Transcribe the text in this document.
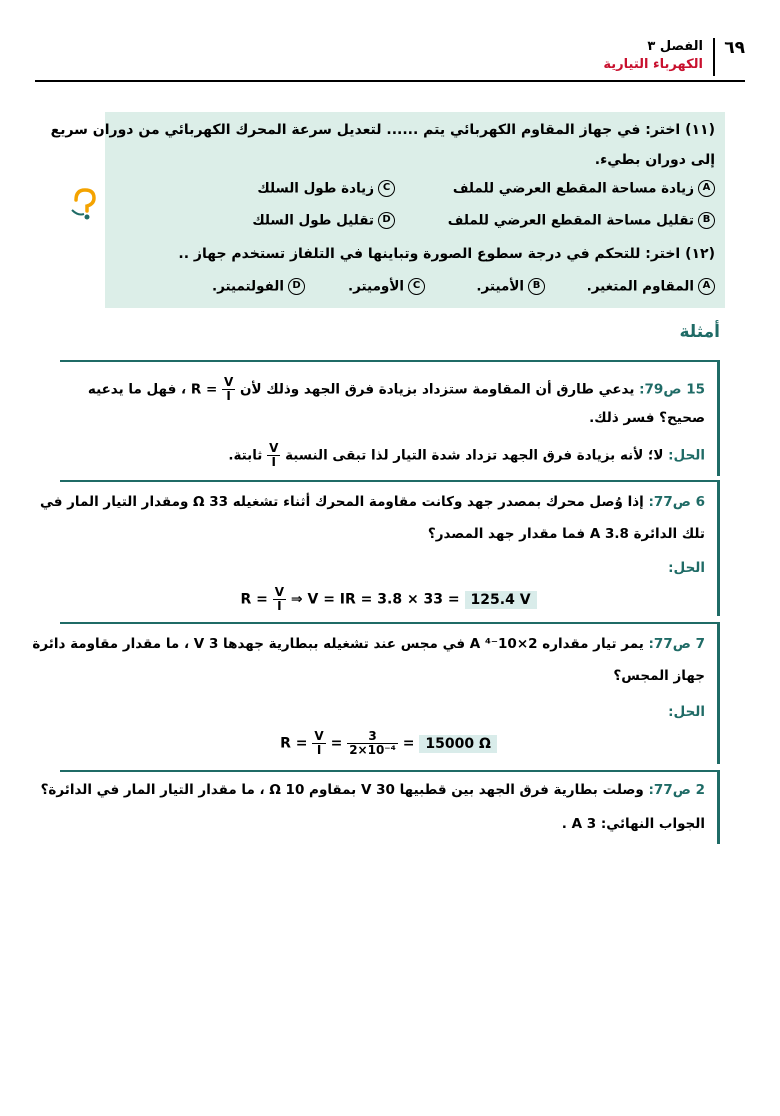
٦٩
الفصل ٣
الكهرباء التيارية
(١١) اختر: في جهاز المقاوم الكهربائي يتم ...... لتعديل سرعة المحرك الكهربائي من دوران سريع
إلى دوران بطيء.
Aزيادة مساحة المقطع العرضي للملف
Cزيادة طول السلك
Bتقليل مساحة المقطع العرضي للملف
Dتقليل طول السلك
(١٢) اختر: للتحكم في درجة سطوع الصورة وتباينها في التلفاز تستخدم جهاز ..
Aالمقاوم المتغير.
Bالأميتر.
Cالأوميتر.
Dالفولتميتر.
أمثلة
15 ص79: يدعي طارق أن المقاومة ستزداد بزيادة فرق الجهد وذلك لأن $R = \frac{V}{I}$
، فهل ما يدعيه
صحيح؟ فسر ذلك.
الحل: لا؛ لأنه بزيادة فرق الجهد تزداد شدة التيار لذا تبقى النسبة
$\frac{V}{I}$
ثابتة.
6 ص77: إذا وُصل محرك بمصدر جهد وكانت مقاومة المحرك أثناء تشغيله 33 Ω ومقدار التيار المار في
تلك الدائرة 3.8 A فما مقدار جهد المصدر؟
الحل:
$R = \frac{V}{I}$ ⇒ V = IR = 3.8 × 33 = 125.4 V
7 ص77: يمر تيار مقداره 2×10⁻⁴ A في مجس عند تشغيله ببطارية جهدها 3 V ، ما مقدار مقاومة دائرة
جهاز المجس؟
الحل:
$R = \frac{V}{I} = \frac{3}{\text{2×10⁻⁴}} = 15000$ Ω
2 ص77: وصلت بطارية فرق الجهد بين قطبيها 30 V بمقاوم 10 Ω ، ما مقدار التيار المار في الدائرة؟
الجواب النهائي: 3 A .
